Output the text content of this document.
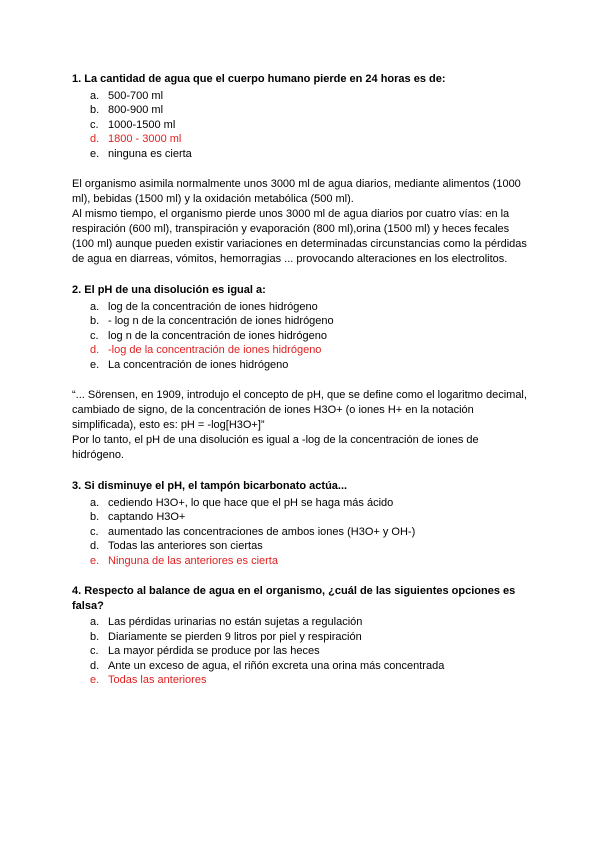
1. La cantidad de agua que el cuerpo humano pierde en 24 horas es de:
a. 500-700 ml
b. 800-900 ml
c. 1000-1500 ml
d. 1800 - 3000 ml
e. ninguna es cierta

El organismo asimila normalmente unos 3000 ml de agua diarios, mediante alimentos (1000 ml), bebidas (1500 ml) y la oxidación metabólica (500 ml).

Al mismo tiempo, el organismo pierde unos 3000 ml de agua diarios por cuatro vías: en la respiración (600 ml), transpiración y evaporación (800 ml),orina (1500 ml) y heces fecales (100 ml) aunque pueden existir variaciones en determinadas circunstancias como la pérdidas de agua en diarreas, vómitos, hemorragias ... provocando alteraciones en los electrolitos.

2. El pH de una disolución es igual a:
a. log de la concentración de iones hidrógeno
b. - log n de la concentración de iones hidrógeno
c. log n de la concentración de iones hidrógeno
d. -log de la concentración de iones hidrógeno
e. La concentración de iones hidrógeno

“... Sörensen, en 1909, introdujo el concepto de pH, que se define como el logaritmo decimal, cambiado de signo, de la concentración de iones H3O+ (o iones H+ en la notación simplificada), esto es: pH = -log[H3O+]”

Por lo tanto, el pH de una disolución es igual a -log de la concentración de iones de hidrógeno.

3. Si disminuye el pH, el tampón bicarbonato actúa...
a. cediendo H3O+, lo que hace que el pH se haga más ácido
b. captando H3O+
c. aumentado las concentraciones de ambos iones (H3O+ y OH-)
d. Todas las anteriores son ciertas
e. Ninguna de las anteriores es cierta
4. Respecto al balance de agua en el organismo, ¿cuál de las siguientes opciones es falsa?
a. Las pérdidas urinarias no están sujetas a regulación
b. Diariamente se pierden 9 litros por piel y respiración
c. La mayor pérdida se produce por las heces
d. Ante un exceso de agua, el riñón excreta una orina más concentrada
e. Todas las anteriores
